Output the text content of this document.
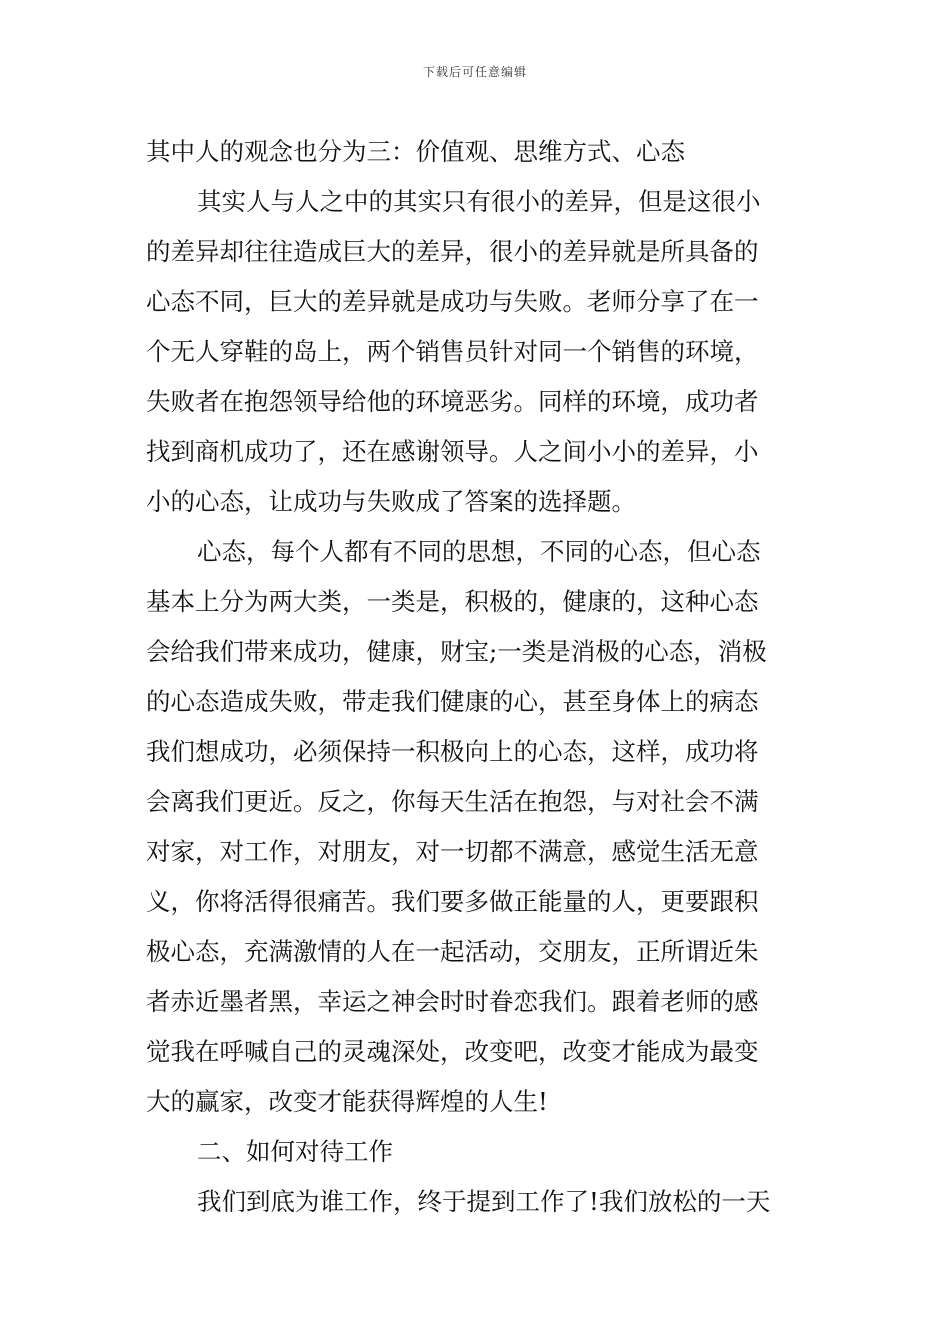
下载后可任意编辑
其中人的观念也分为三：价值观、思维方式、心态
其实人与人之中的其实只有很小的差异，但是这很小
的差异却往往造成巨大的差异，很小的差异就是所具备的
心态不同，巨大的差异就是成功与失败。老师分享了在一
个无人穿鞋的岛上，两个销售员针对同一个销售的环境，
失败者在抱怨领导给他的环境恶劣。同样的环境，成功者
找到商机成功了，还在感谢领导。人之间小小的差异，小
小的心态，让成功与失败成了答案的选择题。
心态，每个人都有不同的思想，不同的心态，但心态
基本上分为两大类，一类是，积极的，健康的，这种心态
会给我们带来成功，健康，财宝;一类是消极的心态，消极
的心态造成失败，带走我们健康的心，甚至身体上的病态
我们想成功，必须保持一积极向上的心态，这样，成功将
会离我们更近。反之，你每天生活在抱怨，与对社会不满
对家，对工作，对朋友，对一切都不满意，感觉生活无意
义，你将活得很痛苦。我们要多做正能量的人，更要跟积
极心态，充满激情的人在一起活动，交朋友，正所谓近朱
者赤近墨者黑，幸运之神会时时眷恋我们。跟着老师的感
觉我在呼喊自己的灵魂深处，改变吧，改变才能成为最变
大的赢家，改变才能获得辉煌的人生!
二、如何对待工作
我们到底为谁工作，终于提到工作了!我们放松的一天
